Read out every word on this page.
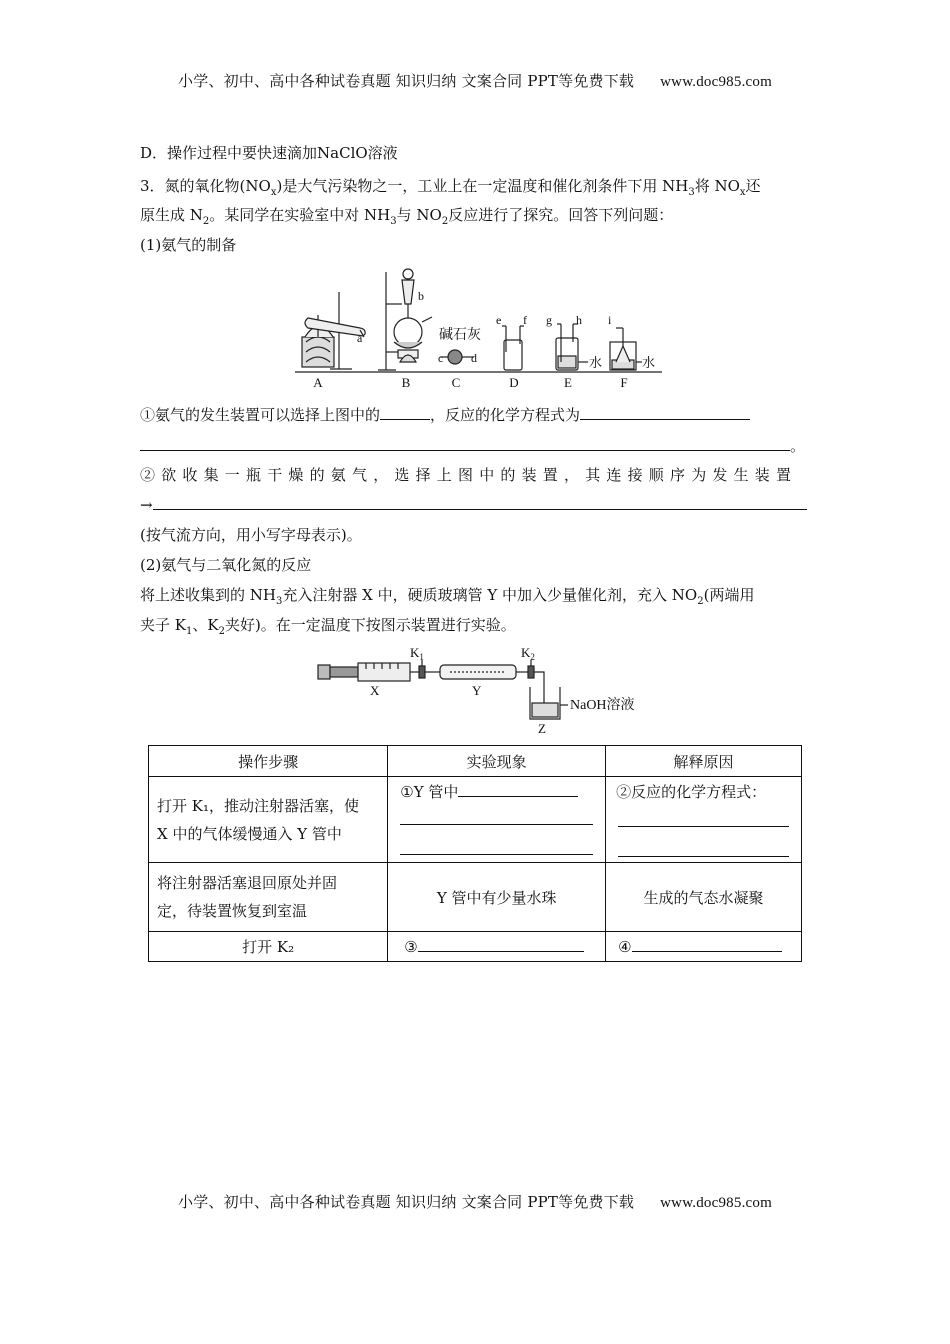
小学、初中、高中各种试卷真题 知识归纳 文案合同 PPT等免费下载 www.doc985.com
D．操作过程中要快速滴加NaClO溶液
3．氮的氧化物$(NO_x)$是大气污染物之一，工业上在一定温度和催化剂条件下用 $NH_3$将 $NO_x$还
原生成 $N_2$。某同学在实验室中对 $NH_3$与 $NO_2$反应进行了探究。回答下列问题：
(1)氨气的制备
A	B	C	D	E	F
a
b
碱石灰
c d
e f g h i
水	水
①氨气的发生装置可以选择上图中的	，反应的化学方程式为
。
②欲收集一瓶干燥的氨气，选择上图中的装置，其连接顺序为发生装置
→
(按气流方向，用小写字母表示)。
(2)氨气与二氧化氮的反应
将上述收集到的 $NH_3$充入注射器 X 中，硬质玻璃管 Y 中加入少量催化剂，充入 $NO_2$(两端用
夹子 $K_1$、$K_2$夹好)。在一定温度下按图示装置进行实验。
X	Y
Z
$K_1$	$K_2$
NaOH溶液
操作步骤	实验现象	解释原因

打开 K₁，推动注射器活塞，使
X 中的气体缓慢通入 Y 管中	①Y 管中	②反应的化学方程式：

将注射器活塞退回原处并固
定，待装置恢复到室温	Y 管中有少量水珠	生成的气态水凝聚
打开 K₂	③	④
小学、初中、高中各种试卷真题 知识归纳 文案合同 PPT等免费下载 www.doc985.com
